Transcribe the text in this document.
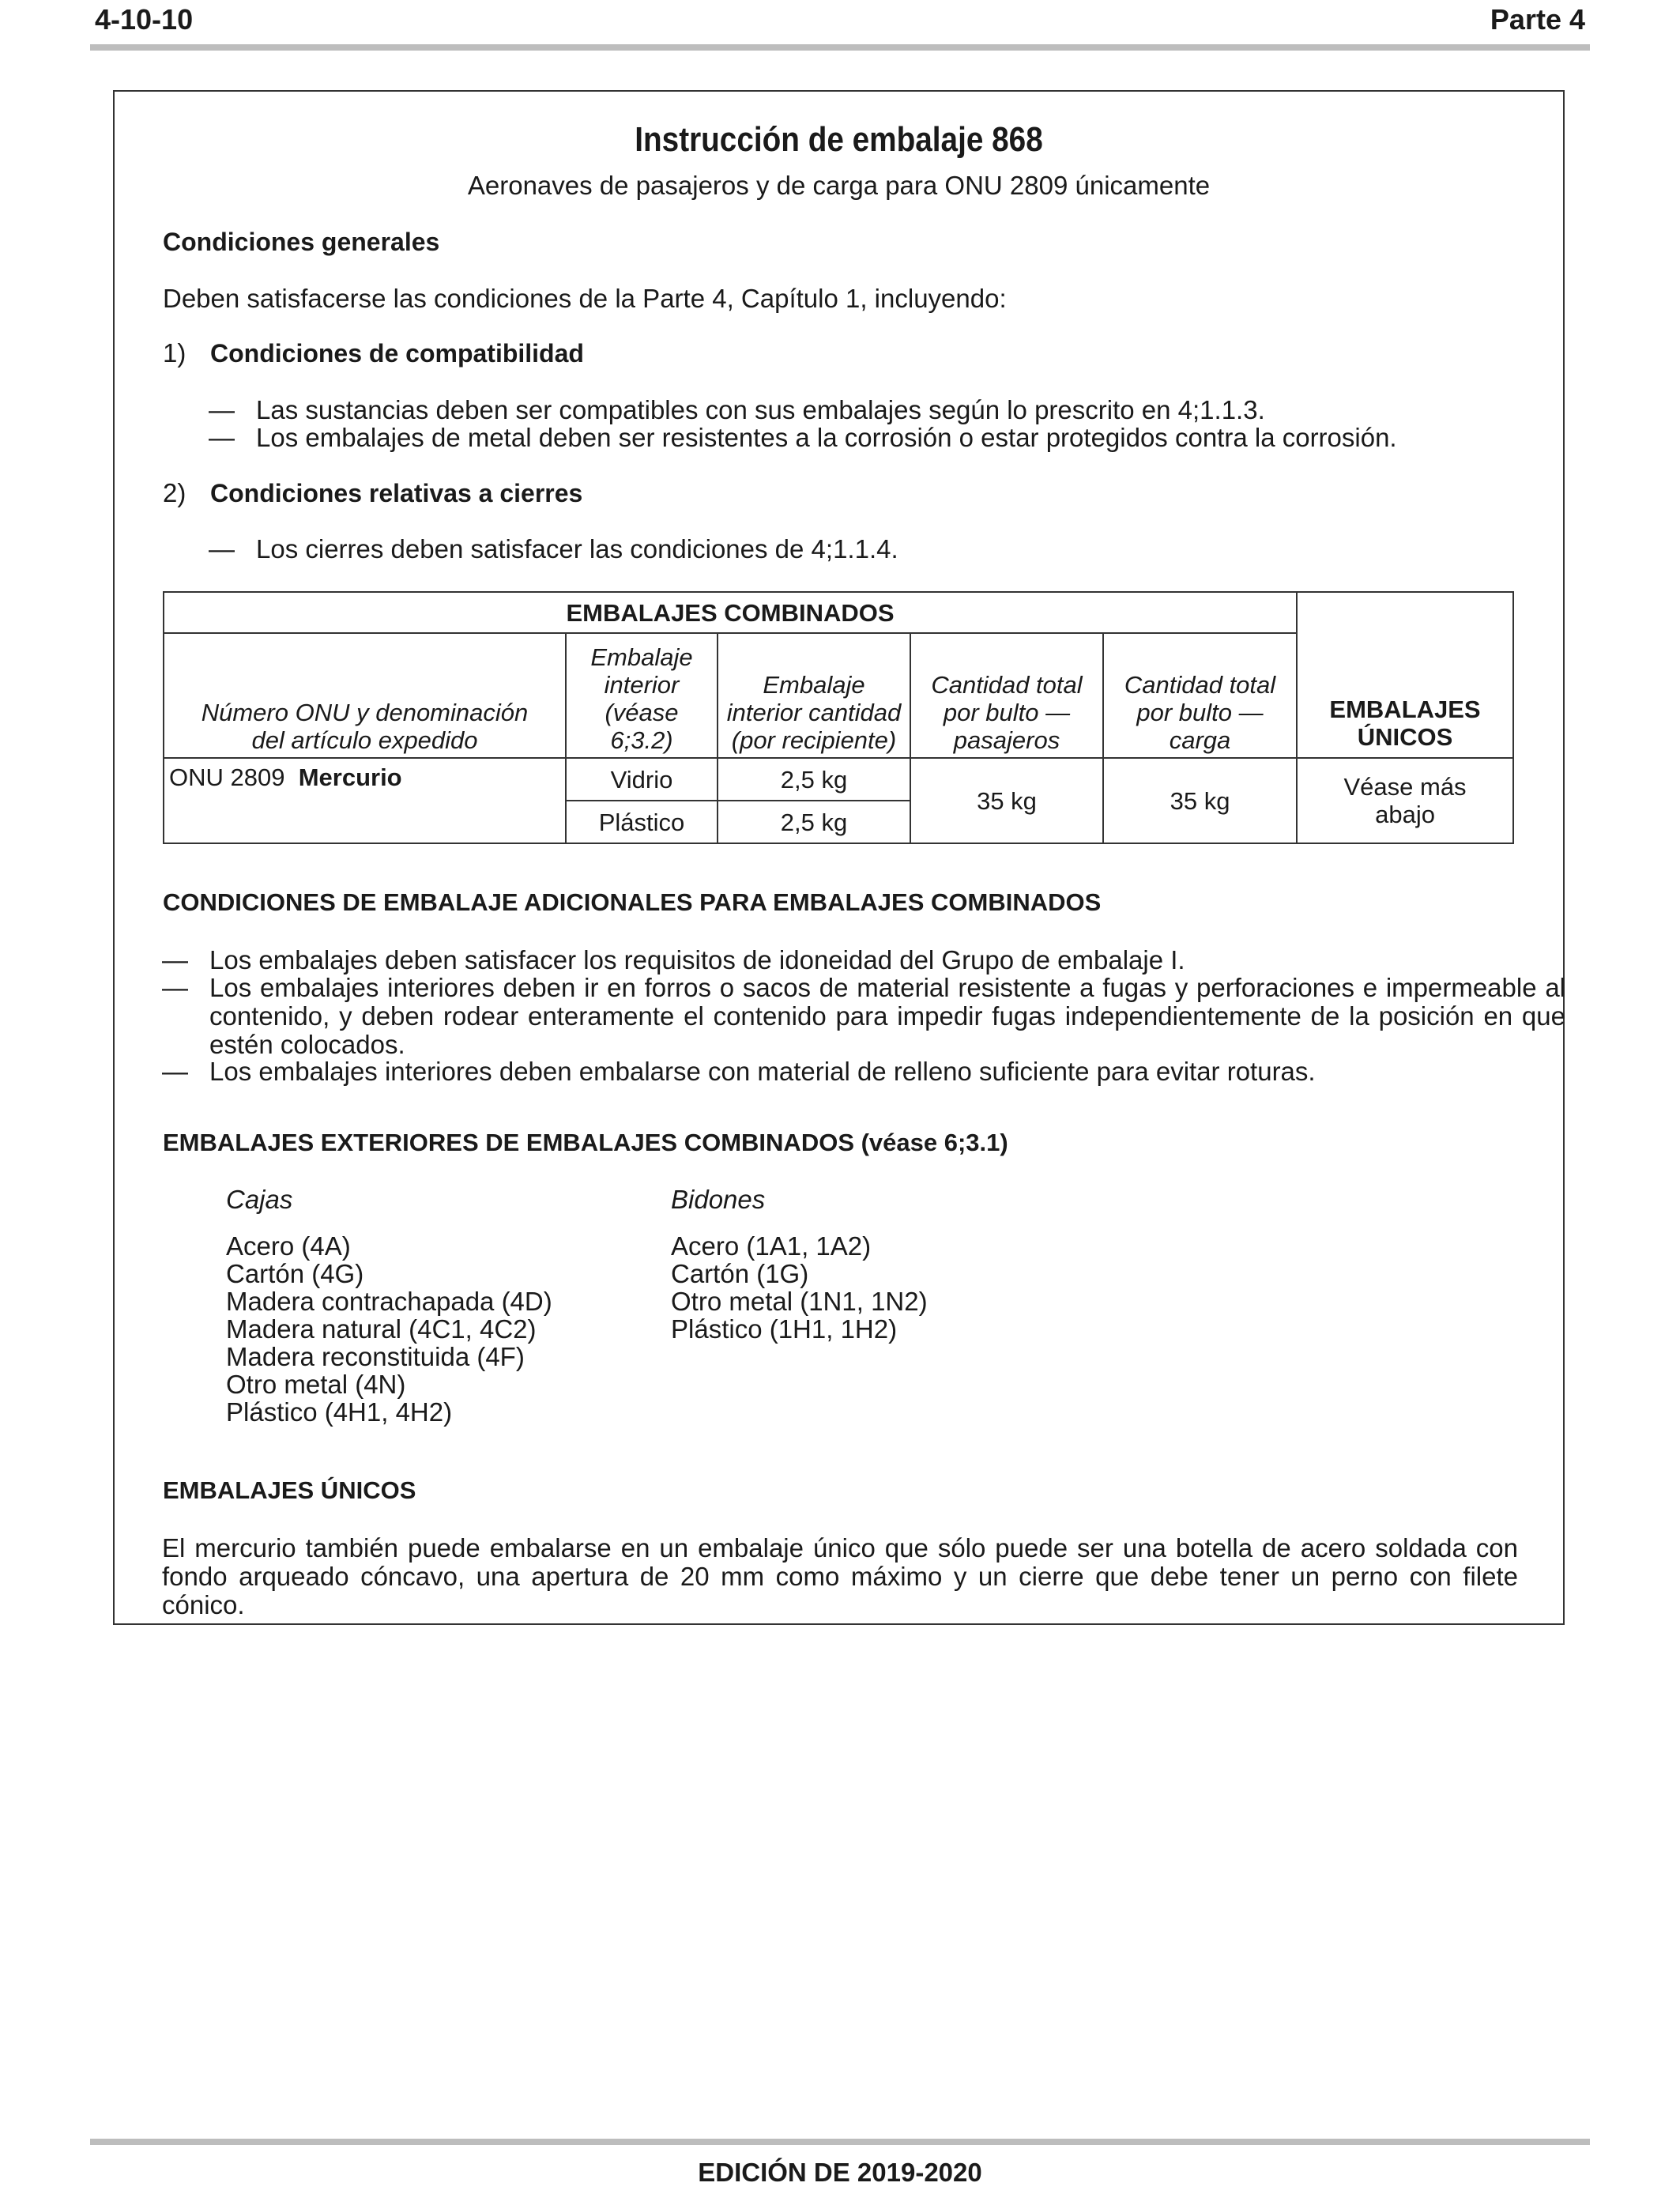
4-10-10	Parte 4
Instrucción de embalaje 868
Aeronaves de pasajeros y de carga para ONU 2809 únicamente
Condiciones generales
Deben satisfacerse las condiciones de la Parte 4, Capítulo 1, incluyendo:
1) Condiciones de compatibilidad
— Las sustancias deben ser compatibles con sus embalajes según lo prescrito en 4;1.1.3.
— Los embalajes de metal deben ser resistentes a la corrosión o estar protegidos contra la corrosión.
2) Condiciones relativas a cierres
— Los cierres deben satisfacer las condiciones de 4;1.1.4.
EMBALAJES COMBINADOS					EMBALAJES ÚNICOS
Número ONU y denominación del artículo expedido	Embalaje interior (véase 6;3.2)	Embalaje interior cantidad (por recipiente)	Cantidad total por bulto — pasajeros	Cantidad total por bulto — carga	
ONU 2809 Mercurio	Vidrio	2,5 kg	35 kg	35 kg	Véase más abajo
	Plástico	2,5 kg			
CONDICIONES DE EMBALAJE ADICIONALES PARA EMBALAJES COMBINADOS
— Los embalajes deben satisfacer los requisitos de idoneidad del Grupo de embalaje I.
— Los embalajes interiores deben ir en forros o sacos de material resistente a fugas y perforaciones e impermeable al contenido, y deben rodear enteramente el contenido para impedir fugas independientemente de la posición en que estén colocados.
— Los embalajes interiores deben embalarse con material de relleno suficiente para evitar roturas.
EMBALAJES EXTERIORES DE EMBALAJES COMBINADOS (véase 6;3.1)
Cajas
Acero (4A)
Cartón (4G)
Madera contrachapada (4D)
Madera natural (4C1, 4C2)
Madera reconstituida (4F)
Otro metal (4N)
Plástico (4H1, 4H2)
Bidones
Acero (1A1, 1A2)
Cartón (1G)
Otro metal (1N1, 1N2)
Plástico (1H1, 1H2)
EMBALAJES ÚNICOS
El mercurio también puede embalarse en un embalaje único que sólo puede ser una botella de acero soldada con fondo arqueado cóncavo, una apertura de 20 mm como máximo y un cierre que debe tener un perno con filete cónico.
EDICIÓN DE 2019-2020
